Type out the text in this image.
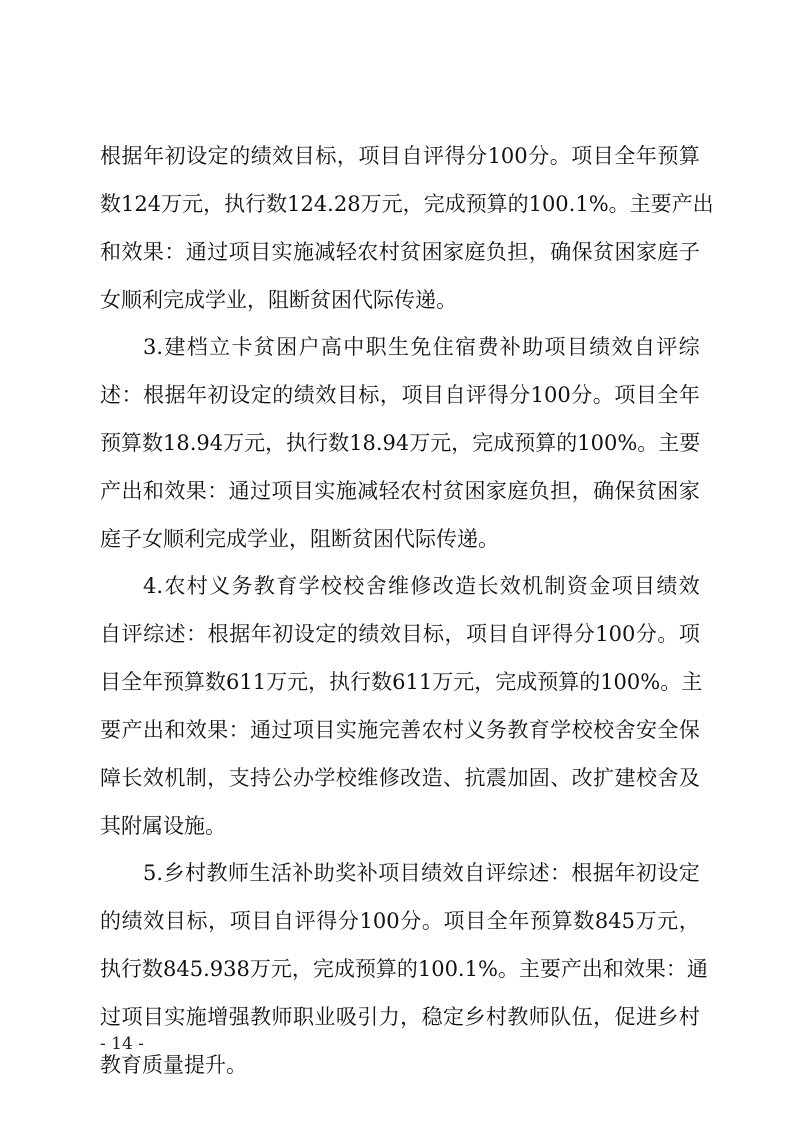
根 据 年 初 设 定 的 绩 效 目 标 ， 项 目 自 评 得 分 100 分 。 项 目 全 年 预 算
数 124 万 元 ， 执 行 数 124.28 万 元 ， 完 成 预 算 的 100.1% 。 主 要 产 出
和 效 果 ： 通 过 项 目 实 施 减 轻 农 村 贫 困 家 庭 负 担 ， 确 保 贫 困 家 庭 子
女顺利完成学业，阻断贫困代际传递。
3. 建 档 立 卡 贫 困 户 高 中 职 生 免 住 宿 费 补 助 项 目 绩 效 自 评 综
述 ： 根 据 年 初 设 定 的 绩 效 目 标 ， 项 目 自 评 得 分 100 分 。 项 目 全 年
预 算 数 18.94 万 元 ， 执 行 数 18.94 万 元 ， 完 成 预 算 的 100% 。 主 要
产 出 和 效 果 ： 通 过 项 目 实 施 减 轻 农 村 贫 困 家 庭 负 担 ， 确 保 贫 困 家
庭子女顺利完成学业，阻断贫困代际传递。
4. 农 村 义 务 教 育 学 校 校 舍 维 修 改 造 长 效 机 制 资 金 项 目 绩 效
自 评 综 述 ： 根 据 年 初 设 定 的 绩 效 目 标 ， 项 目 自 评 得 分 100 分 。 项
目 全 年 预 算 数 611 万 元 ， 执 行 数 611 万 元 ， 完 成 预 算 的 100% 。 主
要 产 出 和 效 果 ： 通 过 项 目 实 施 完 善 农 村 义 务 教 育 学 校 校 舍 安 全 保
障 长 效 机 制 ， 支 持 公 办 学 校 维 修 改 造 、 抗 震 加 固 、 改 扩 建 校 舍 及
其附属设施。
5. 乡 村 教 师 生 活 补 助 奖 补 项 目 绩 效 自 评 综 述 ： 根 据 年 初 设 定
的 绩 效 目 标 ， 项 目 自 评 得 分 100 分 。 项 目 全 年 预 算 数 845 万 元 ，
执 行 数 845.938 万 元 ， 完 成 预 算 的 100.1% 。 主 要 产 出 和 效 果 ： 通
过 项 目 实 施 增 强 教 师 职 业 吸 引 力 ， 稳 定 乡 村 教 师 队 伍 ， 促 进 乡 村
教育质量提升。
- 14 -
